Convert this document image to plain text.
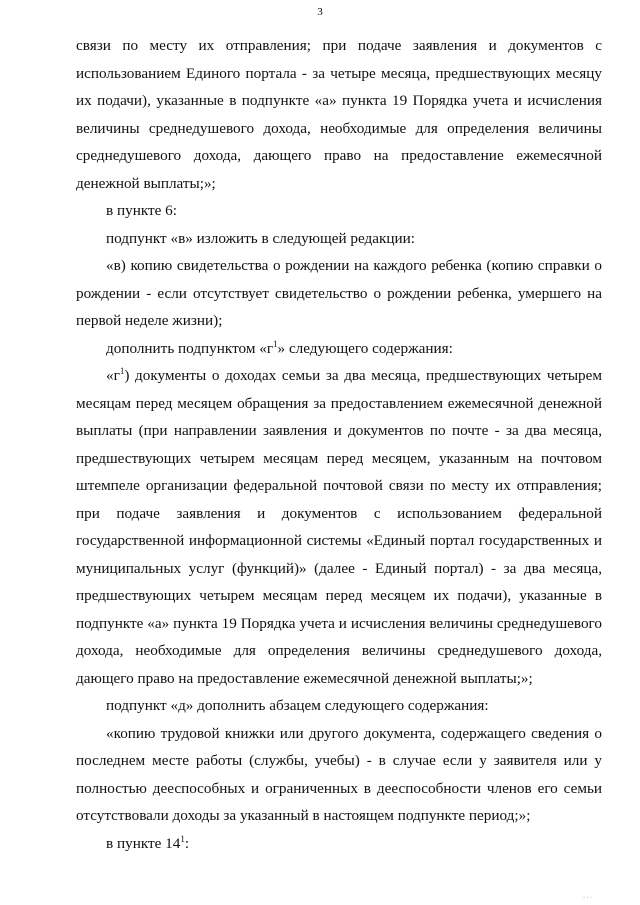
3

связи по месту их отправления; при подаче заявления и документов с использованием Единого портала - за четыре месяца, предшествующих месяцу их подачи), указанные в подпункте «а» пункта 19 Порядка учета и исчисления величины среднедушевого дохода, необходимые для определения величины среднедушевого дохода, дающего право на предоставление ежемесячной денежной выплаты;»;

в пункте 6:

подпункт «в» изложить в следующей редакции:

«в) копию свидетельства о рождении на каждого ребенка (копию справки о рождении - если отсутствует свидетельство о рождении ребенка, умершего на первой неделе жизни);

дополнить подпунктом «$г^1$» следующего содержания:

«$г^1$) документы о доходах семьи за два месяца, предшествующих четырем месяцам перед месяцем обращения за предоставлением ежемесячной денежной выплаты (при направлении заявления и документов по почте - за два месяца, предшествующих четырем месяцам перед месяцем, указанным на почтовом штемпеле организации федеральной почтовой связи по месту их отправления; при подаче заявления и документов с использованием федеральной государственной информационной системы «Единый портал государственных и муниципальных услуг (функций)» (далее - Единый портал) - за два месяца, предшествующих четырем месяцам перед месяцем их подачи), указанные в подпункте «а» пункта 19 Порядка учета и исчисления величины среднедушевого дохода, необходимые для определения величины среднедушевого дохода, дающего право на предоставление ежемесячной денежной выплаты;»;

подпункт «д» дополнить абзацем следующего содержания:

«копию трудовой книжки или другого документа, содержащего сведения о последнем месте работы (службы, учебы) - в случае если у заявителя или у полностью дееспособных и ограниченных в дееспособности членов его семьи отсутствовали доходы за указанный в настоящем подпункте период;»;

в пункте $14^1$:

· · ·
